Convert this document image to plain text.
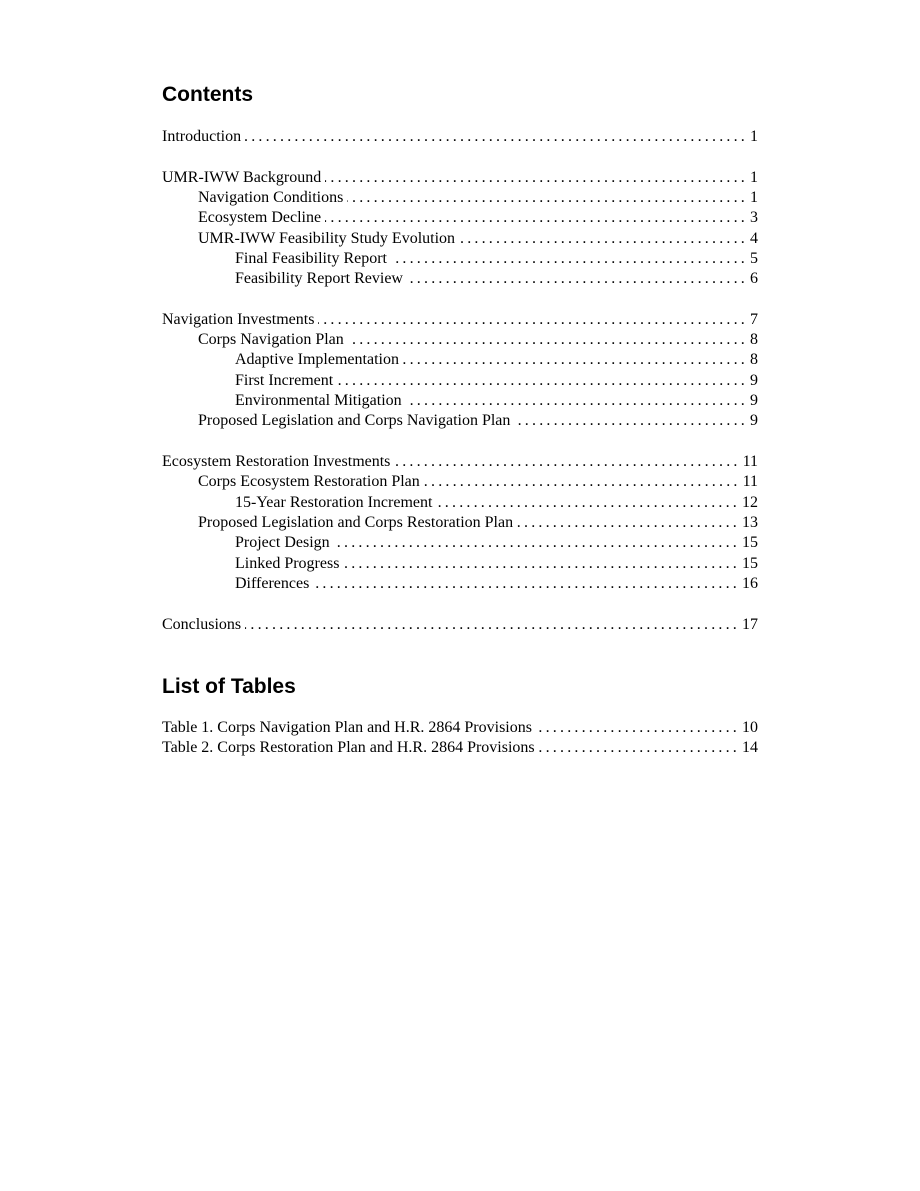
Contents
Introduction .....	1
UMR-IWW Background .....	1
Navigation Conditions .....	1
Ecosystem Decline .....	3
UMR-IWW Feasibility Study Evolution .....	4
Final Feasibility Report .....	5
Feasibility Report Review .....	6
Navigation Investments .....	7
Corps Navigation Plan .....	8
Adaptive Implementation .....	8
First Increment .....	9
Environmental Mitigation .....	9
Proposed Legislation and Corps Navigation Plan .....	9
Ecosystem Restoration Investments .....	11
Corps Ecosystem Restoration Plan .....	11
15-Year Restoration Increment .....	12
Proposed Legislation and Corps Restoration Plan .....	13
Project Design .....	15
Linked Progress .....	15
Differences .....	16
Conclusions .....	17
List of Tables
Table 1. Corps Navigation Plan and H.R. 2864 Provisions .....	10
Table 2. Corps Restoration Plan and H.R. 2864 Provisions .....	14
